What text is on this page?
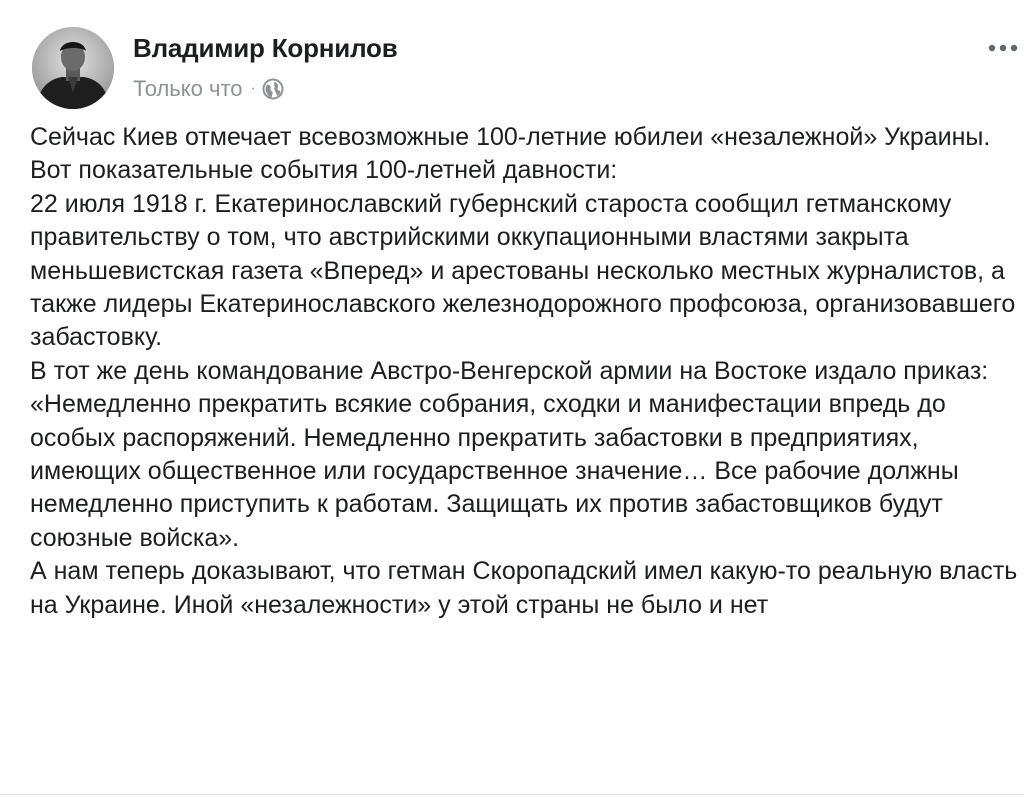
Владимир Корнилов
Только что ·

Сейчас Киев отмечает всевозможные 100-летние юбилеи «незалежной» Украины. Вот показательные события 100-летней давности:

22 июля 1918 г. Екатеринославский губернский староста сообщил гетманскому правительству о том, что австрийскими оккупационными властями закрыта меньшевистская газета «Вперед» и арестованы несколько местных журналистов, а также лидеры Екатеринославского железнодорожного профсоюза, организовавшего забастовку.

В тот же день командование Австро-Венгерской армии на Востоке издало приказ: «Немедленно прекратить всякие собрания, сходки и манифестации впредь до особых распоряжений. Немедленно прекратить забастовки в предприятиях, имеющих общественное или государственное значение… Все рабочие должны немедленно приступить к работам. Защищать их против забастовщиков будут союзные войска».

А нам теперь доказывают, что гетман Скоропадский имел какую-то реальную власть на Украине. Иной «незалежности» у этой страны не было и нет
